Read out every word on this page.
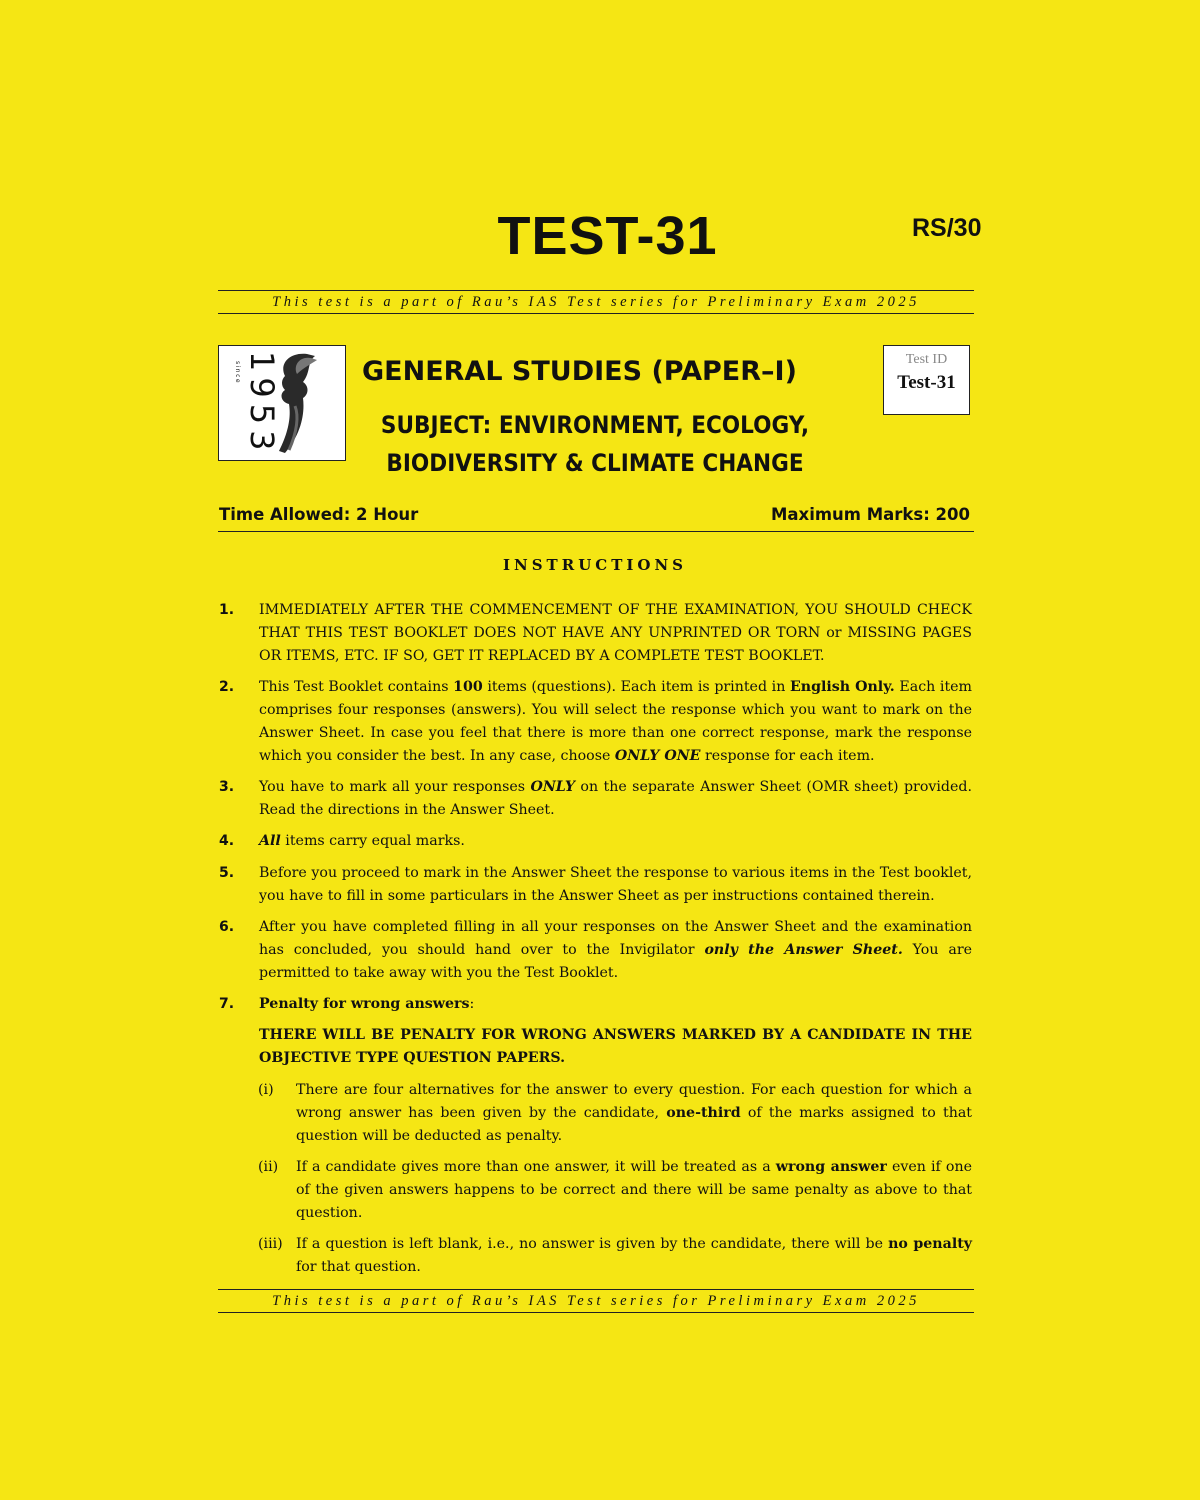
TEST-31	RS/30
This test is a part of Rau’s IAS Test series for Preliminary Exam 2025
since 1953	GENERAL STUDIES (PAPER–I)
SUBJECT: ENVIRONMENT, ECOLOGY,
BIODIVERSITY & CLIMATE CHANGE
Test ID
Test-31
Time Allowed: 2 Hour	Maximum Marks: 200
INSTRUCTIONS
1. IMMEDIATELY AFTER THE COMMENCEMENT OF THE EXAMINATION, YOU SHOULD CHECK THAT THIS TEST BOOKLET DOES NOT HAVE ANY UNPRINTED OR TORN or MISSING PAGES OR ITEMS, ETC. IF SO, GET IT REPLACED BY A COMPLETE TEST BOOKLET.
2. This Test Booklet contains 100 items (questions). Each item is printed in English Only. Each item comprises four responses (answers). You will select the response which you want to mark on the Answer Sheet. In case you feel that there is more than one correct response, mark the response which you consider the best. In any case, choose ONLY ONE response for each item.
3. You have to mark all your responses ONLY on the separate Answer Sheet (OMR sheet) provided. Read the directions in the Answer Sheet.
4. All items carry equal marks.
5. Before you proceed to mark in the Answer Sheet the response to various items in the Test booklet, you have to fill in some particulars in the Answer Sheet as per instructions contained therein.
6. After you have completed filling in all your responses on the Answer Sheet and the examination has concluded, you should hand over to the Invigilator only the Answer Sheet. You are permitted to take away with you the Test Booklet.
7. Penalty for wrong answers:
THERE WILL BE PENALTY FOR WRONG ANSWERS MARKED BY A CANDIDATE IN THE OBJECTIVE TYPE QUESTION PAPERS.
(i) There are four alternatives for the answer to every question. For each question for which a wrong answer has been given by the candidate, one-third of the marks assigned to that question will be deducted as penalty.
(ii) If a candidate gives more than one answer, it will be treated as a wrong answer even if one of the given answers happens to be correct and there will be same penalty as above to that question.
(iii) If a question is left blank, i.e., no answer is given by the candidate, there will be no penalty for that question.
This test is a part of Rau’s IAS Test series for Preliminary Exam 2025
